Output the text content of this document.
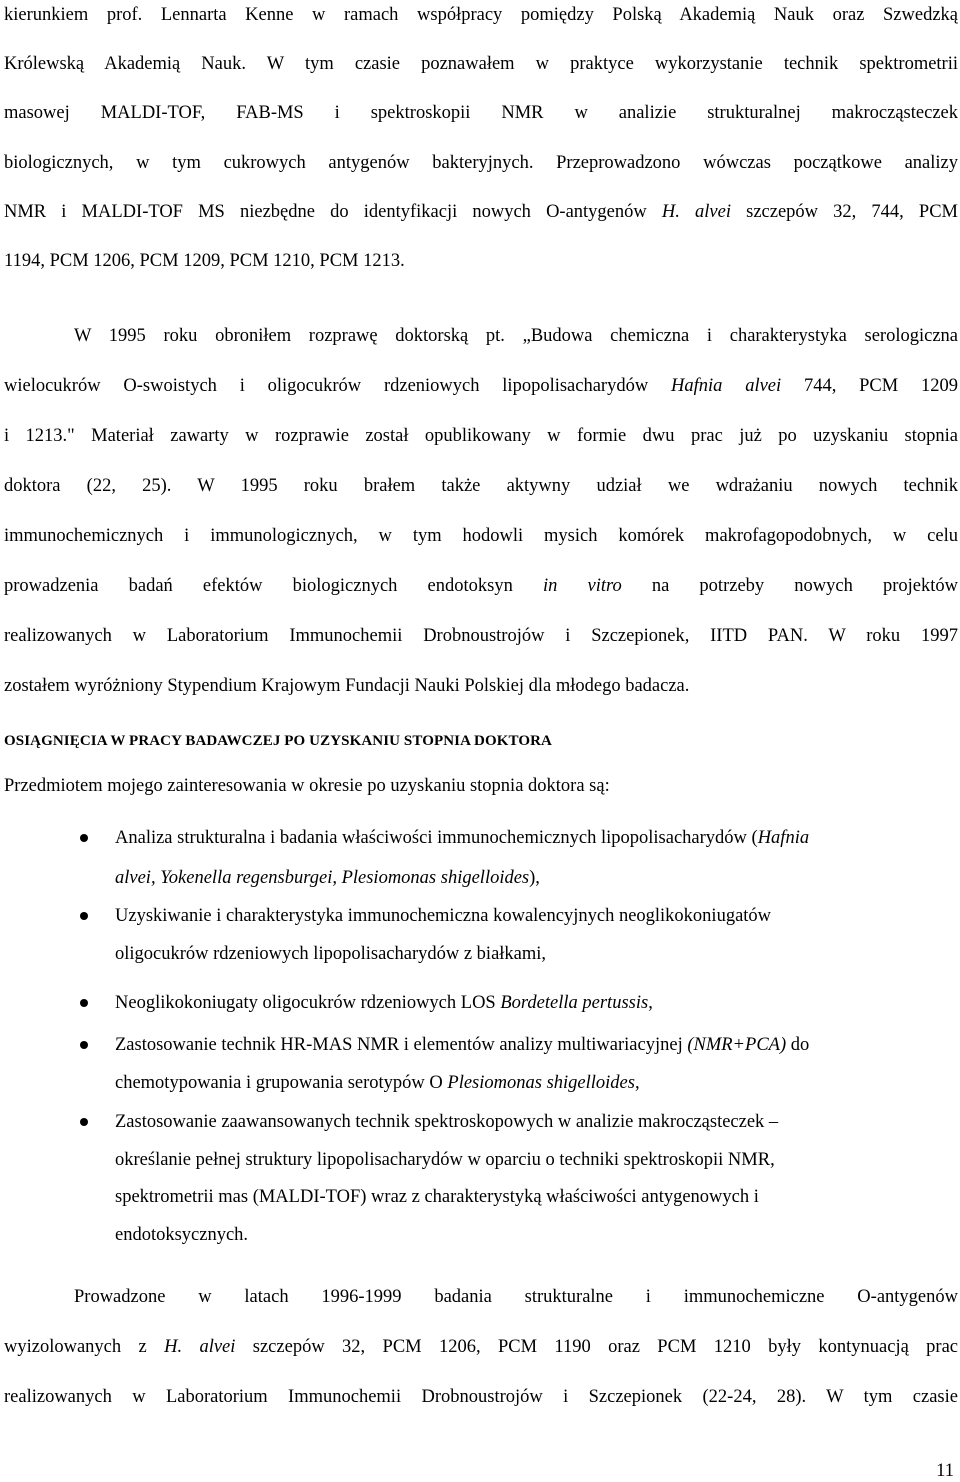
kierunkiem prof. Lennarta Kenne w ramach współpracy pomiędzy Polską Akademią Nauk oraz Szwedzką
Królewską Akademią Nauk. W tym czasie poznawałem w praktyce wykorzystanie technik spektrometrii
masowej MALDI-TOF, FAB-MS i spektroskopii NMR w analizie strukturalnej makrocząsteczek
biologicznych, w tym cukrowych antygenów bakteryjnych. Przeprowadzono wówczas początkowe analizy
NMR i MALDI-TOF MS niezbędne do identyfikacji nowych O-antygenów H. alvei szczepów 32, 744, PCM
1194, PCM 1206, PCM 1209, PCM 1210, PCM 1213.
W 1995 roku obroniłem rozprawę doktorską pt. „Budowa chemiczna i charakterystyka serologiczna
wielocukrów O-swoistych i oligocukrów rdzeniowych lipopolisacharydów Hafnia alvei 744, PCM 1209
i 1213." Materiał zawarty w rozprawie został opublikowany w formie dwu prac już po uzyskaniu stopnia
doktora (22, 25). W 1995 roku brałem także aktywny udział we wdrażaniu nowych technik
immunochemicznych i immunologicznych, w tym hodowli mysich komórek makrofagopodobnych, w celu
prowadzenia badań efektów biologicznych endotoksyn in vitro na potrzeby nowych projektów
realizowanych w Laboratorium Immunochemii Drobnoustrojów i Szczepionek, IITD PAN. W roku 1997
zostałem wyróżniony Stypendium Krajowym Fundacji Nauki Polskiej dla młodego badacza.
OSIĄGNIĘCIA W PRACY BADAWCZEJ PO UZYSKANIU STOPNIA DOKTORA
Przedmiotem mojego zainteresowania w okresie po uzyskaniu stopnia doktora są:
Analiza strukturalna i badania właściwości immunochemicznych lipopolisacharydów (Hafnia
alvei, Yokenella regensburgei, Plesiomonas shigelloides),
Uzyskiwanie i charakterystyka immunochemiczna kowalencyjnych neoglikokoniugatów
oligocukrów rdzeniowych lipopolisacharydów z białkami,
Neoglikokoniugaty oligocukrów rdzeniowych LOS Bordetella pertussis,
Zastosowanie technik HR-MAS NMR i elementów analizy multiwariacyjnej (NMR+PCA) do
chemotypowania i grupowania serotypów O Plesiomonas shigelloides,
Zastosowanie zaawansowanych technik spektroskopowych w analizie makrocząsteczek –
określanie pełnej struktury lipopolisacharydów w oparciu o techniki spektroskopii NMR,
spektrometrii mas (MALDI-TOF) wraz z charakterystyką właściwości antygenowych i
endotoksycznych.
Prowadzone w latach 1996-1999 badania strukturalne i immunochemiczne O-antygenów
wyizolowanych z H. alvei szczepów 32, PCM 1206, PCM 1190 oraz PCM 1210 były kontynuacją prac
realizowanych w Laboratorium Immunochemii Drobnoustrojów i Szczepionek (22-24, 28). W tym czasie
11
